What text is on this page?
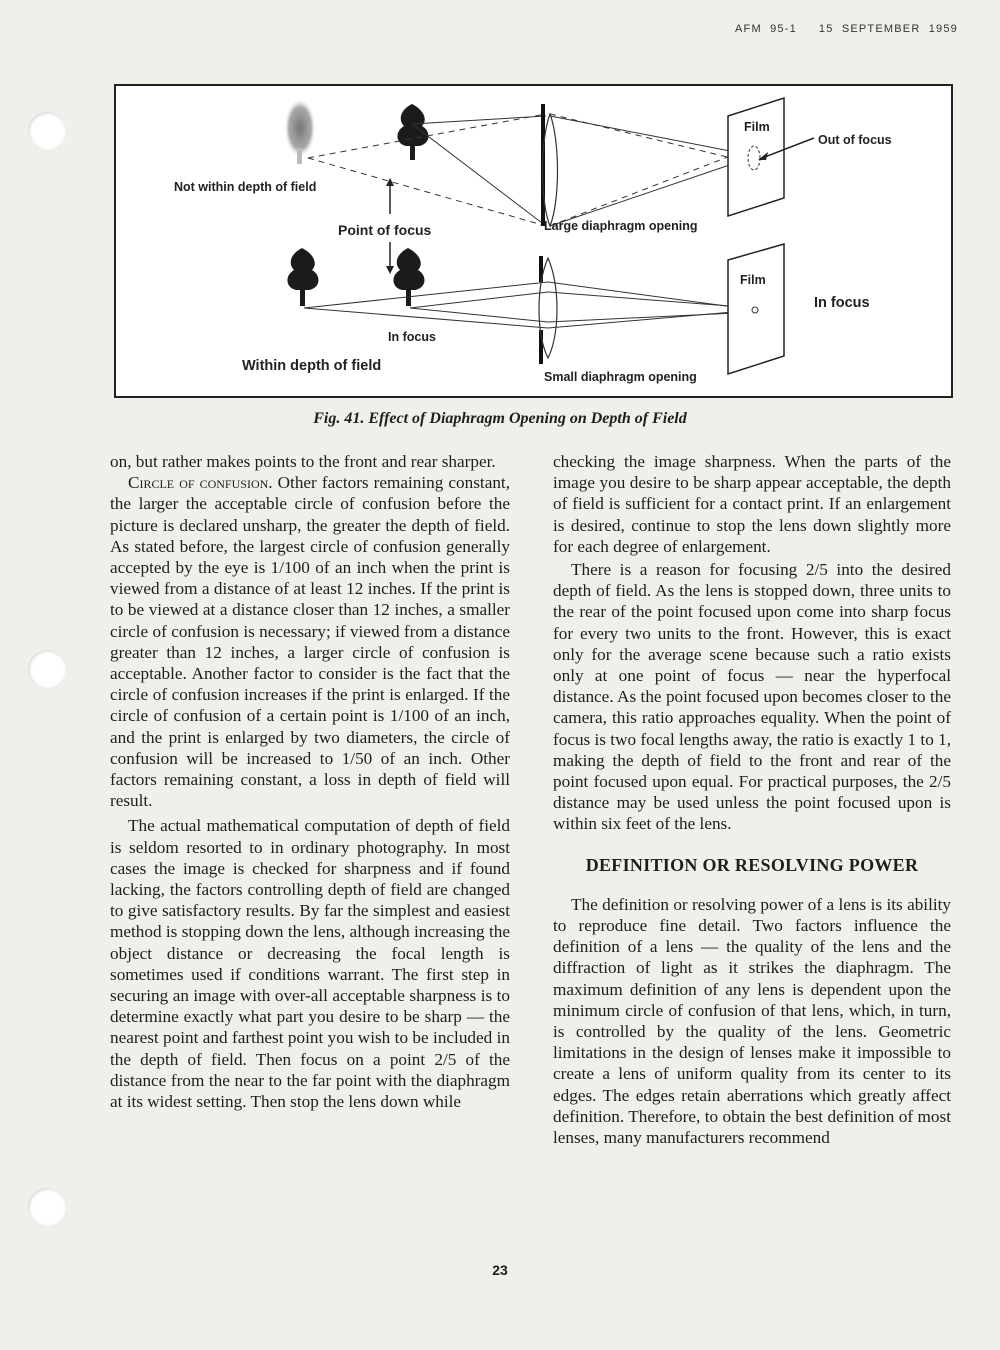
AFM 95-1 15 SEPTEMBER 1959
Not within depth of field
Point of focus	Large diaphragm opening
Film
Out of focus
Film
In focus
In focus
Within depth of field
Small diaphragm opening
Fig. 41. Effect of Diaphragm Opening on Depth of Field

on, but rather makes points to the front and rear sharper.

Circle of confusion. Other factors remaining constant, the larger the acceptable circle of confusion before the picture is declared unsharp, the greater the depth of field. As stated before, the largest circle of confusion generally accepted by the eye is 1/100 of an inch when the print is viewed from a distance of at least 12 inches. If the print is to be viewed at a distance closer than 12 inches, a smaller circle of confusion is necessary; if viewed from a distance greater than 12 inches, a larger circle of confusion is acceptable. Another factor to consider is the fact that the circle of confusion increases if the print is enlarged. If the circle of confusion of a certain point is 1/100 of an inch, and the print is enlarged by two diameters, the circle of confusion will be increased to 1/50 of an inch. Other factors remaining constant, a loss in depth of field will result.

The actual mathematical computation of depth of field is seldom resorted to in ordinary photography. In most cases the image is checked for sharpness and if found lacking, the factors controlling depth of field are changed to give satisfactory results. By far the simplest and easiest method is stopping down the lens, although increasing the object distance or decreasing the focal length is sometimes used if conditions warrant. The first step in securing an image with over-all acceptable sharpness is to determine exactly what part you desire to be sharp — the nearest point and farthest point you wish to be included in the depth of field. Then focus on a point 2/5 of the distance from the near to the far point with the diaphragm at its widest setting. Then stop the lens down while

checking the image sharpness. When the parts of the image you desire to be sharp appear acceptable, the depth of field is sufficient for a contact print. If an enlargement is desired, continue to stop the lens down slightly more for each degree of enlargement.

There is a reason for focusing 2/5 into the desired depth of field. As the lens is stopped down, three units to the rear of the point focused upon come into sharp focus for every two units to the front. However, this is exact only for the average scene because such a ratio exists only at one point of focus — near the hyperfocal distance. As the point focused upon becomes closer to the camera, this ratio approaches equality. When the point of focus is two focal lengths away, the ratio is exactly 1 to 1, making the depth of field to the front and rear of the point focused upon equal. For practical purposes, the 2/5 distance may be used unless the point focused upon is within six feet of the lens.

DEFINITION OR RESOLVING POWER

The definition or resolving power of a lens is its ability to reproduce fine detail. Two factors influence the definition of a lens — the quality of the lens and the diffraction of light as it strikes the diaphragm. The maximum definition of any lens is dependent upon the minimum circle of confusion of that lens, which, in turn, is controlled by the quality of the lens. Geometric limitations in the design of lenses make it impossible to create a lens of uniform quality from its center to its edges. The edges retain aberrations which greatly affect definition. Therefore, to obtain the best definition of most lenses, many manufacturers recommend

23
